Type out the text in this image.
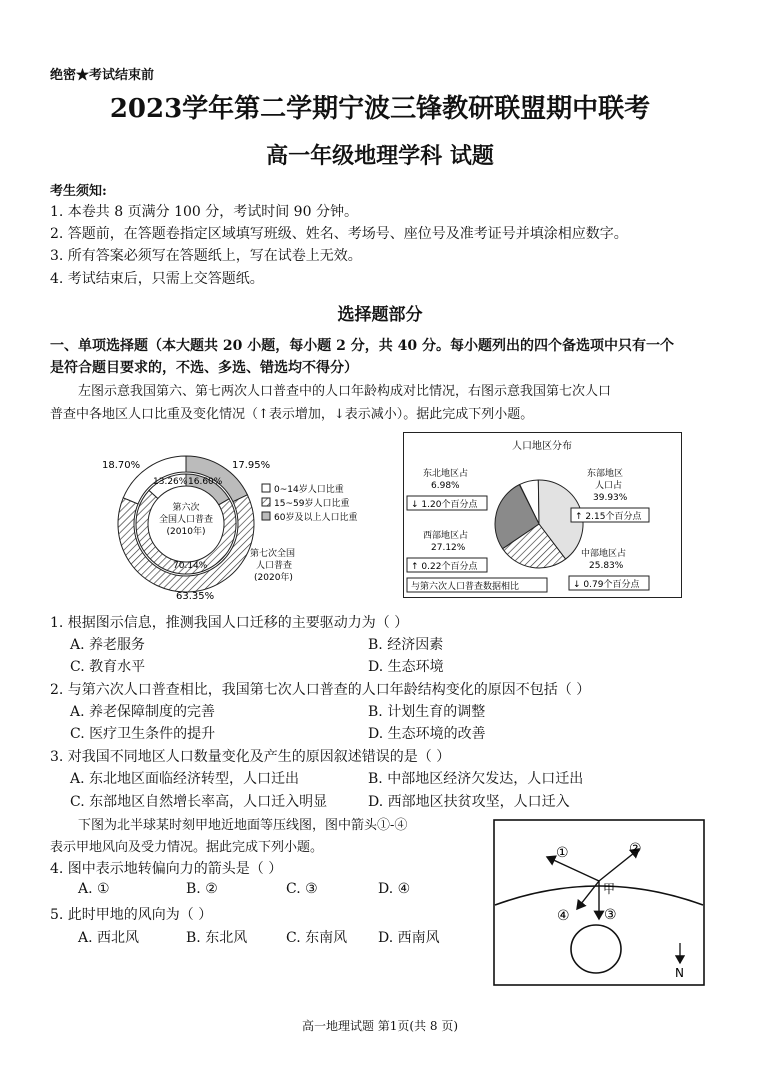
绝密★考试结束前
2023学年第二学期宁波三锋教研联盟期中联考
高一年级地理学科 试题
考生须知:
1. 本卷共 8 页满分 100 分，考试时间 90 分钟。
2. 答题前，在答题卷指定区域填写班级、姓名、考场号、座位号及准考证号并填涂相应数字。
3. 所有答案必须写在答题纸上，写在试卷上无效。
4. 考试结束后，只需上交答题纸。
选择题部分
一、单项选择题（本大题共 20 小题，每小题 2 分，共 40 分。每小题列出的四个备选项中只有一个
是符合题目要求的，不选、多选、错选均不得分）
左图示意我国第六、第七两次人口普查中的人口年龄构成对比情况，右图示意我国第七次人口
普查中各地区人口比重及变化情况（↑表示增加，↓表示减小）。据此完成下列小题。
18.70%	17.95%
63.35%
13.26% 16.60%
70.14%
第六次
全国人口普查
(2010年)
0~14岁人口比重
15~59岁人口比重
60岁及以上人口比重
第七次全国
人口普查
(2020年)
人口地区分布
东北地区占
6.98%
↓ 1.20个百分点
东部地区
人口占
39.93%
↑ 2.15个百分点
西部地区占
27.12%
↑ 0.22个百分点
中部地区占
25.83%
↓ 0.79个百分点
与第六次人口普查数据相比
1. 根据图示信息，推测我国人口迁移的主要驱动力为（ ）
A. 养老服务	B. 经济因素
C. 教育水平	D. 生态环境
2. 与第六次人口普查相比，我国第七次人口普查的人口年龄结构变化的原因不包括（ ）
A. 养老保障制度的完善	B. 计划生育的调整
C. 医疗卫生条件的提升	D. 生态环境的改善
3. 对我国不同地区人口数量变化及产生的原因叙述错误的是（ ）
A. 东北地区面临经济转型，人口迁出	B. 中部地区经济欠发达，人口迁出
C. 东部地区自然增长率高，人口迁入明显	D. 西部地区扶贫攻坚，人口迁入
下图为北半球某时刻甲地近地面等压线图，图中箭头①-④
表示甲地风向及受力情况。据此完成下列小题。
4. 图中表示地转偏向力的箭头是（ ）
A. ①	B. ②	C. ③	D. ④
5. 此时甲地的风向为（ ）
A. 西北风	B. 东北风	C. 东南风 D. 西南风
①	②
③
④
甲
N
高一地理试题 第1页(共 8 页)
